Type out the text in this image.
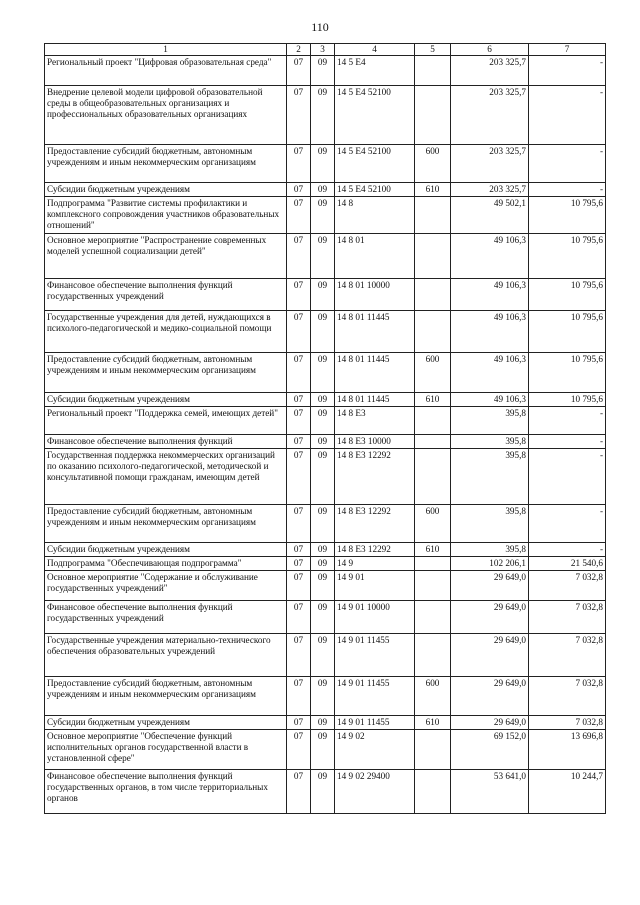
110
1	2	3	4	5	6	7
Региональный проект "Цифровая образовательная среда"	07	09	14 5 E4		203 325,7	-
Внедрение целевой модели цифровой образовательной среды в общеобразовательных организациях и профессиональных образовательных организациях	07	09	14 5 E4 52100		203 325,7	-
Предоставление субсидий бюджетным, автономным учреждениям и иным некоммерческим организациям	07	09	14 5 E4 52100	600	203 325,7	-
Субсидии бюджетным учреждениям	07	09	14 5 E4 52100	610	203 325,7	-
Подпрограмма "Развитие системы профилактики и комплексного сопровождения участников образовательных отношений"	07	09	14 8		49 502,1	10 795,6
Основное мероприятие "Распространение современных моделей успешной социализации детей"	07	09	14 8 01		49 106,3	10 795,6
Финансовое обеспечение выполнения функций государственных учреждений	07	09	14 8 01 10000		49 106,3	10 795,6
Государственные учреждения для детей, нуждающихся в психолого-педагогической и медико-социальной помощи	07	09	14 8 01 11445		49 106,3	10 795,6
Предоставление субсидий бюджетным, автономным учреждениям и иным некоммерческим организациям	07	09	14 8 01 11445	600	49 106,3	10 795,6
Субсидии бюджетным учреждениям	07	09	14 8 01 11445	610	49 106,3	10 795,6
Региональный проект "Поддержка семей, имеющих детей"	07	09	14 8 E3		395,8	-
Финансовое обеспечение выполнения функций	07	09	14 8 E3 10000		395,8	-
Государственная поддержка некоммерческих организаций по оказанию психолого-педагогической, методической и консультативной помощи гражданам, имеющим детей	07	09	14 8 E3 12292		395,8	-
Предоставление субсидий бюджетным, автономным учреждениям и иным некоммерческим организациям	07	09	14 8 E3 12292	600	395,8	-
Субсидии бюджетным учреждениям	07	09	14 8 E3 12292	610	395,8	-
Подпрограмма "Обеспечивающая подпрограмма"	07	09	14 9		102 206,1	21 540,6
Основное мероприятие "Содержание и обслуживание государственных учреждений"	07	09	14 9 01		29 649,0	7 032,8
Финансовое обеспечение выполнения функций государственных учреждений	07	09	14 9 01 10000		29 649,0	7 032,8
Государственные учреждения материально-технического обеспечения образовательных учреждений	07	09	14 9 01 11455		29 649,0	7 032,8
Предоставление субсидий бюджетным, автономным учреждениям и иным некоммерческим организациям	07	09	14 9 01 11455	600	29 649,0	7 032,8
Субсидии бюджетным учреждениям	07	09	14 9 01 11455	610	29 649,0	7 032,8
Основное мероприятие "Обеспечение функций исполнительных органов государственной власти в установленной сфере"	07	09	14 9 02		69 152,0	13 696,8
Финансовое обеспечение выполнения функций государственных органов, в том числе территориальных органов	07	09	14 9 02 29400		53 641,0	10 244,7
